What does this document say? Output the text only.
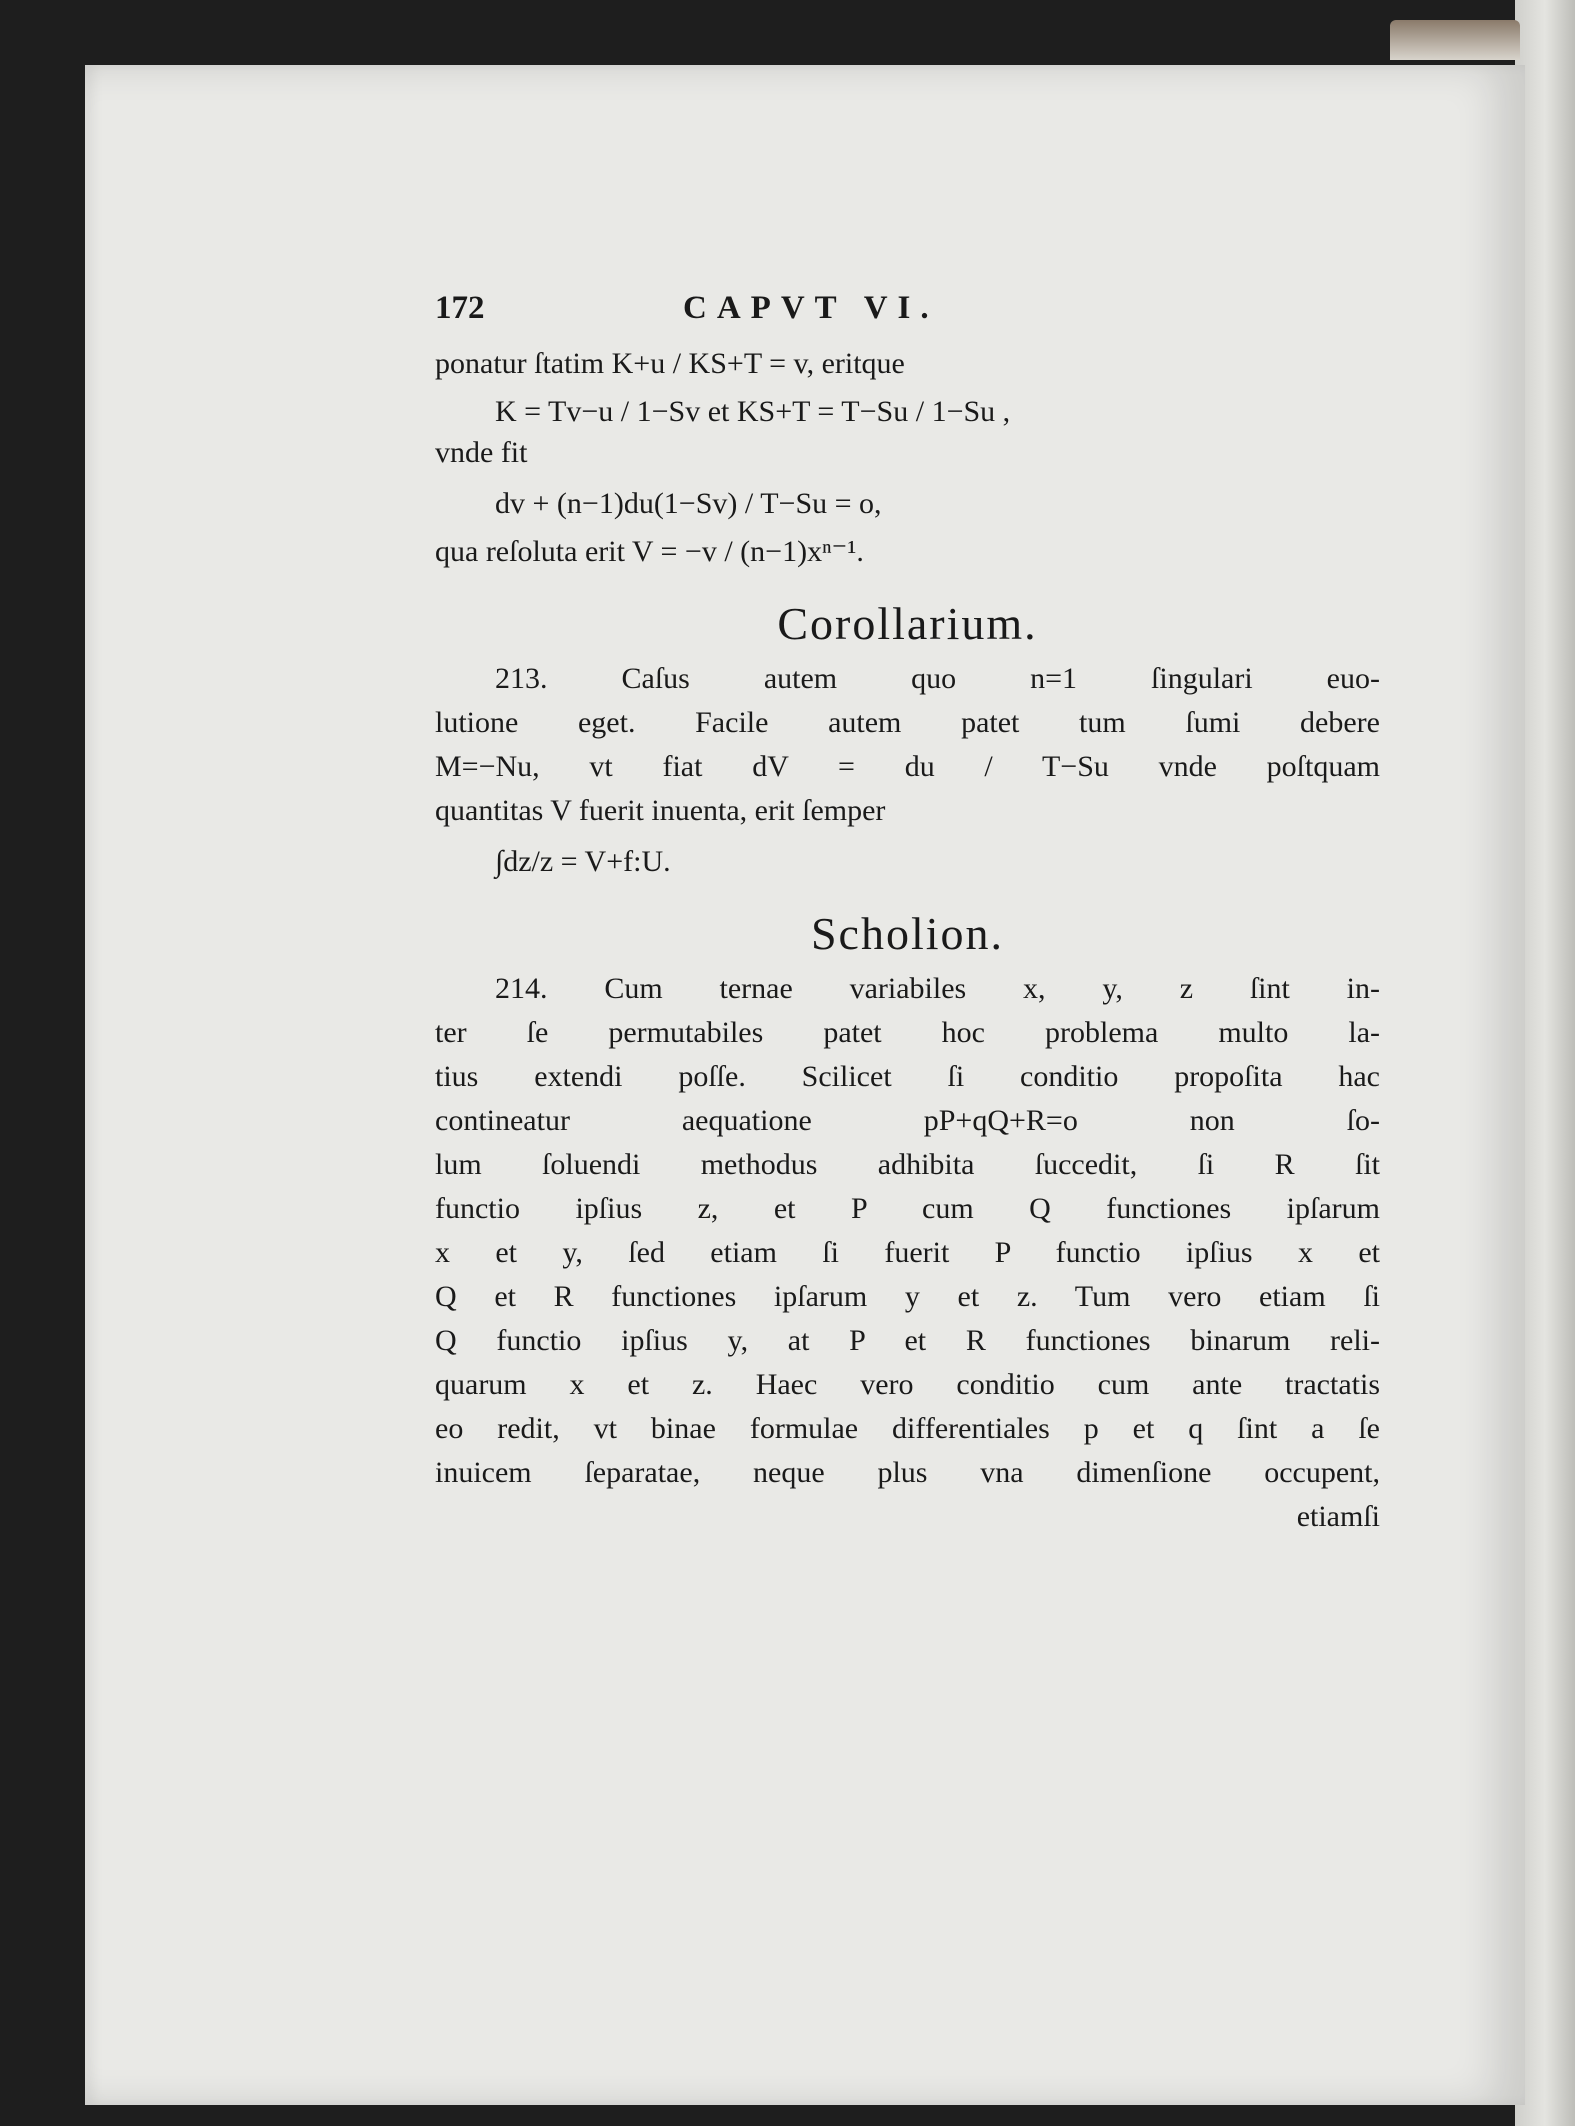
172	CAPVT VI.
ponatur ſtatim K+u / KS+T = v, eritque
K = Tv−u / 1−Sv et KS+T = T−Su / 1−Su ,
vnde fit
dv + (n−1)du(1−Sv) / T−Su = o,
qua reſoluta erit V = −v / (n−1)xⁿ⁻¹.
Corollarium.
213. Caſus autem quo n=1 ſingulari euo-
lutione eget. Facile autem patet tum ſumi debere
M=−Nu, vt fiat dV = du / T−Su vnde poſtquam
quantitas V fuerit inuenta, erit ſemper
∫dz/z = V+f:U.
Scholion.
214. Cum ternae variabiles x, y, z ſint in-
ter ſe permutabiles patet hoc problema multo la-
tius extendi poſſe. Scilicet ſi conditio propoſita hac
contineatur aequatione pP+qQ+R=o non ſo-
lum ſoluendi methodus adhibita ſuccedit, ſi R ſit
functio ipſius z, et P cum Q functiones ipſarum
x et y, ſed etiam ſi fuerit P functio ipſius x et
Q et R functiones ipſarum y et z. Tum vero etiam ſi
Q functio ipſius y, at P et R functiones binarum reli-
quarum x et z. Haec vero conditio cum ante tractatis
eo redit, vt binae formulae differentiales p et q ſint a ſe
inuicem ſeparatae, neque plus vna dimenſione occupent,
etiamſi
